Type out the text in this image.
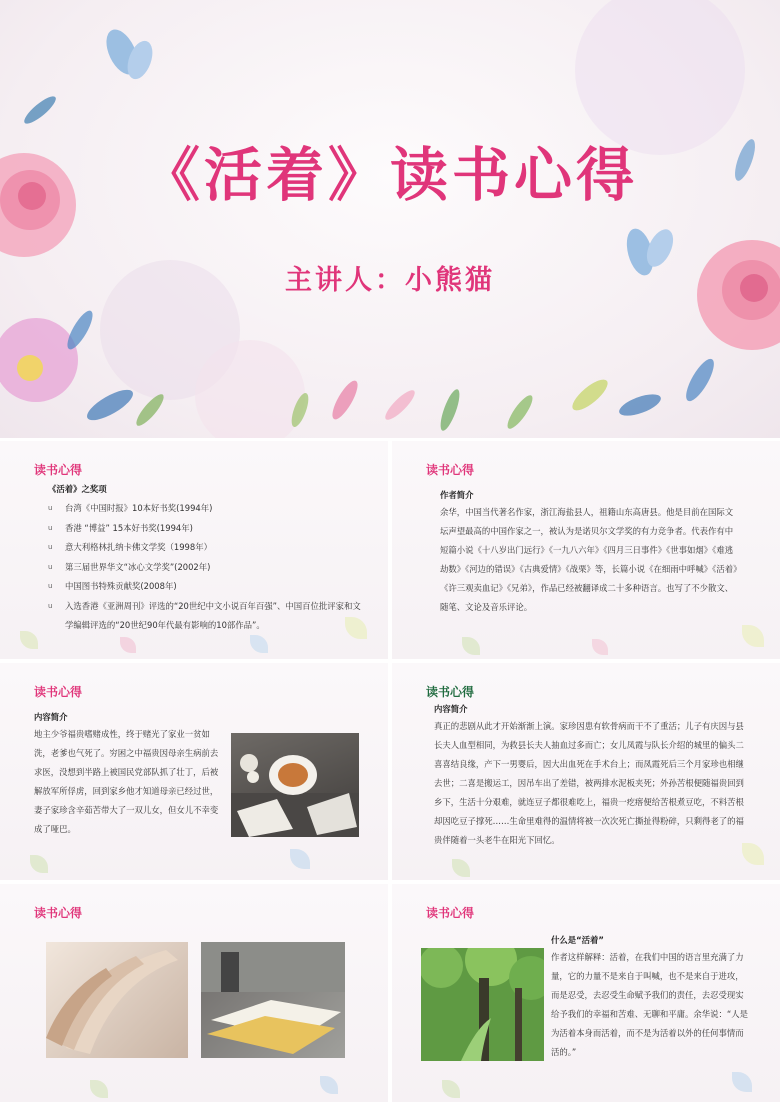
《活着》读书心得
主讲人：小熊猫
读书心得
《活着》之奖项
u 台湾《中国时报》10本好书奖(1994年)
u 香港 “博益” 15本好书奖(1994年)
u 意大利格林扎纳卡佛文学奖（1998年）
u 第三届世界华文“冰心文学奖”(2002年)
u 中国图书特殊贡献奖(2008年)
u 入选香港《亚洲周刊》评选的“20世纪中文小说百年百强”、中国百位批评家和文学编辑评选的“20世纪90年代最有影响的10部作品”。
读书心得
作者简介
余华，中国当代著名作家，浙江海盐县人，祖籍山东高唐县。他是目前在国际文坛声望最高的中国作家之一，被认为是诺贝尔文学奖的有力竞争者。代表作有中短篇小说《十八岁出门远行》《一九八六年》《四月三日事件》《世事如烟》《难逃劫数》《河边的错误》《古典爱情》《战栗》等，长篇小说《在细雨中呼喊》《活着》《许三观卖血记》《兄弟》，作品已经被翻译成二十多种语言。也写了不少散文、随笔、文论及音乐评论。
读书心得
内容简介
地主少爷福贵嗜赌成性，终于赌光了家业一贫如洗，老爹也气死了。穷困之中福贵因母亲生病前去求医，没想到半路上被国民党部队抓了壮丁，后被解放军所俘虏，回到家乡他才知道母亲已经过世，妻子家珍含辛茹苦带大了一双儿女，但女儿不幸变成了哑巴。
读书心得
内容简介
真正的悲剧从此才开始渐渐上演。家珍因患有软骨病而干不了重活；儿子有庆因与县长夫人血型相同，为救县长夫人抽血过多而亡；女儿凤霞与队长介绍的城里的偏头二喜喜结良缘，产下一男婴后，因大出血死在手术台上；而凤霞死后三个月家珍也相继去世；二喜是搬运工，因吊车出了差错，被两排水泥板夹死；外孙苦根便随福贵回到乡下，生活十分艰难，就连豆子都很难吃上，福贵一疙瘩便给苦根煮豆吃，不料苦根却因吃豆子撑死……生命里难得的温情将被一次次死亡撕扯得粉碎，只剩得老了的福贵伴随着一头老牛在阳光下回忆。
读书心得	读书心得
什么是“活着”
作者这样解释：活着，在我们中国的语言里充满了力量，它的力量不是来自于叫喊，也不是来自于进攻，而是忍受，去忍受生命赋予我们的责任，去忍受现实给予我们的幸福和苦难、无聊和平庸。余华说：“人是为活着本身而活着，而不是为活着以外的任何事情而活的。”
